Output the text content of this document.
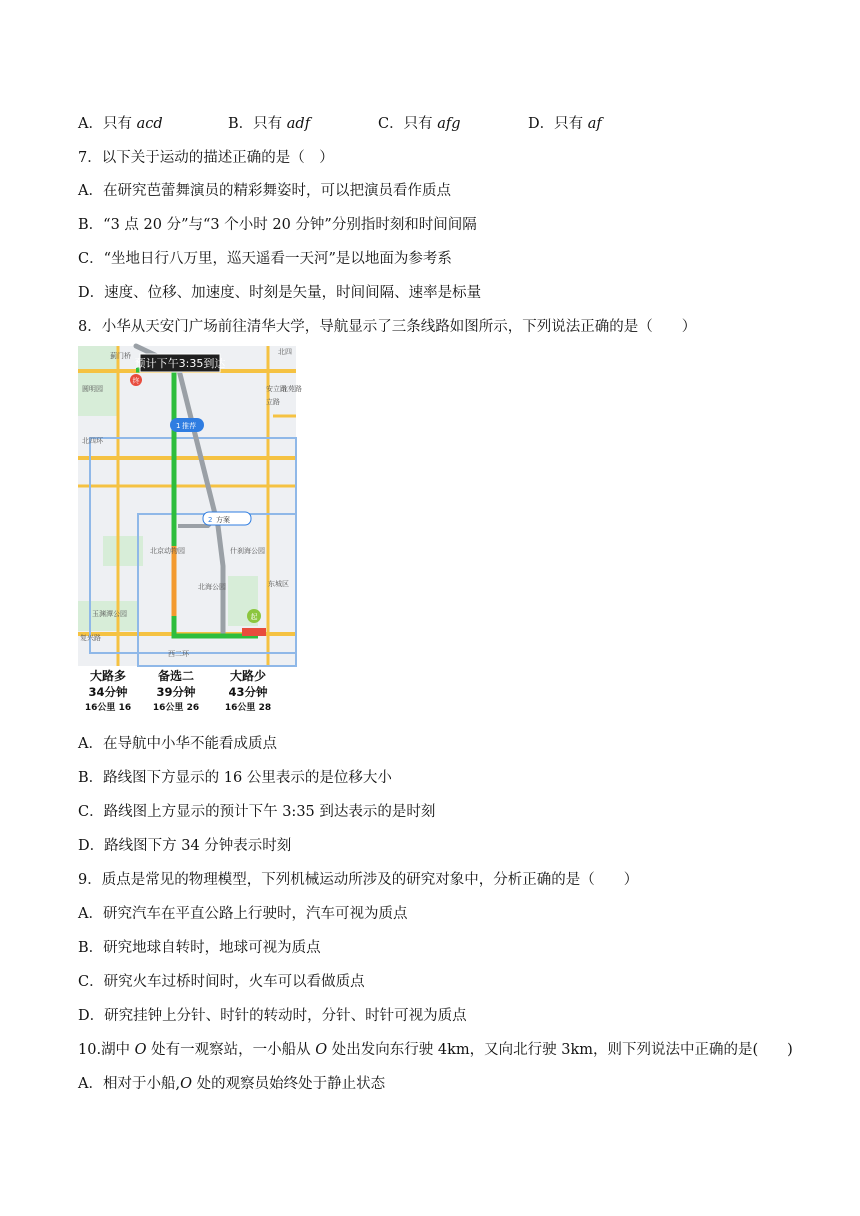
A．只有 acd	B．只有 adf	C．只有 afg	D．只有 af
7．以下关于运动的描述正确的是（　）
A．在研究芭蕾舞演员的精彩舞姿时，可以把演员看作质点
B．“3 点 20 分”与“3 个小时 20 分钟”分别指时刻和时间间隔
C．“坐地日行八万里，巡天遥看一天河”是以地面为参考系
D．速度、位移、加速度、时刻是矢量，时间间隔、速率是标量
8．小华从天安门广场前往清华大学，导航显示了三条线路如图所示，下列说法正确的是（　　）
终
起
预计下午3:35到达
1 推荐
2 方案
蓟门桥
北四环
安立路
北苑路
北京动物园	什刹海公园
北海公园	东城区
玉渊潭公园
复兴路
西二环
圆明园
北四
立路
大路多
34分钟
16公里 16
备选二
39分钟
16公里 26
大路少
43分钟
16公里 28
A．在导航中小华不能看成质点
B．路线图下方显示的 16 公里表示的是位移大小
C．路线图上方显示的预计下午 3:35 到达表示的是时刻
D．路线图下方 34 分钟表示时刻
9．质点是常见的物理模型，下列机械运动所涉及的研究对象中，分析正确的是（　　）
A．研究汽车在平直公路上行驶时，汽车可视为质点
B．研究地球自转时，地球可视为质点
C．研究火车过桥时间时，火车可以看做质点
D．研究挂钟上分针、时针的转动时，分针、时针可视为质点
10.湖中 O 处有一观察站，一小船从 O 处出发向东行驶 4km，又向北行驶 3km，则下列说法中正确的是(　　)
A．相对于小船,O 处的观察员始终处于静止状态
